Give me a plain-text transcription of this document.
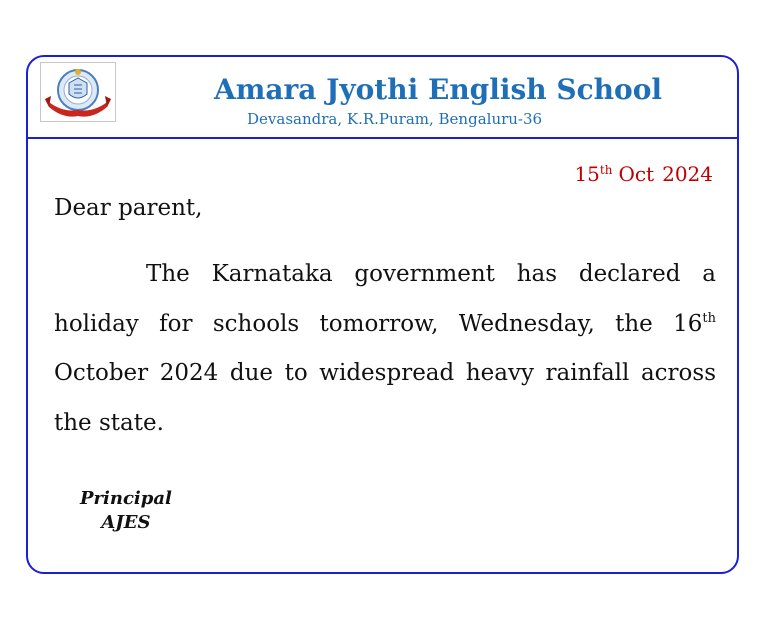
Amara Jyothi English School
Devasandra, K.R.Puram, Bengaluru-36
15th Oct 2024
Dear parent,
The Karnataka government has declared a holiday for schools tomorrow, Wednesday, the 16th October 2024 due to widespread heavy rainfall across the state.
Principal
AJES
